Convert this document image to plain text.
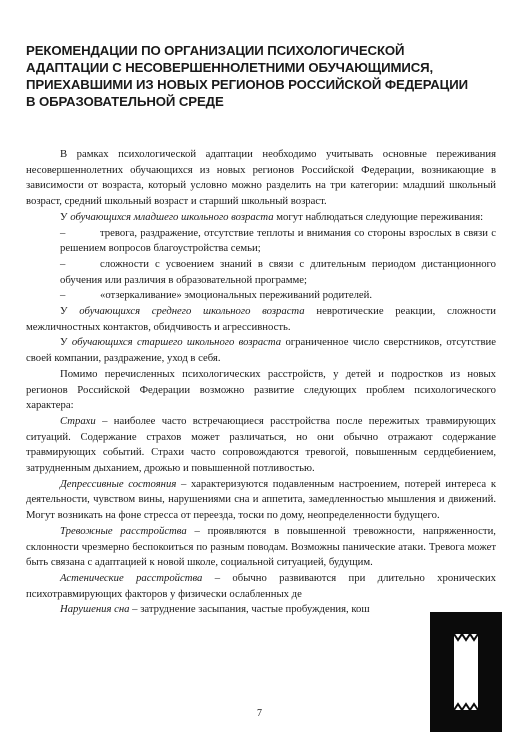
РЕКОМЕНДАЦИИ ПО ОРГАНИЗАЦИИ ПСИХОЛОГИЧЕСКОЙ
АДАПТАЦИИ С НЕСОВЕРШЕННОЛЕТНИМИ ОБУЧАЮЩИМИСЯ,
ПРИЕХАВШИМИ ИЗ НОВЫХ РЕГИОНОВ РОССИЙСКОЙ ФЕДЕРАЦИИ
В ОБРАЗОВАТЕЛЬНОЙ СРЕДЕ

В рамках психологической адаптации необходимо учитывать основные переживания несовершеннолетних обучающихся из новых регионов Российской Федерации, возникающие в зависимости от возраста, который условно можно разделить на три категории: младший школьный возраст, средний школьный возраст и старший школьный возраст.

У обучающихся младшего школьного возраста могут наблюдаться следующие переживания:

–	тревога, раздражение, отсутствие теплоты и внимания со стороны взрослых в связи с решением вопросов благоустройства семьи;

–	сложности с усвоением знаний в связи с длительным периодом дистанционного обучения или различия в образовательной программе;

–	«отзеркаливание» эмоциональных переживаний родителей.

У обучающихся среднего школьного возраста невротические реакции, сложности межличностных контактов, обидчивость и агрессивность.

У обучающихся старшего школьного возраста ограниченное число сверстников, отсутствие своей компании, раздражение, уход в себя.

Помимо перечисленных психологических расстройств, у детей и подростков из новых регионов Российской Федерации возможно развитие следующих проблем психологического характера:

Страхи – наиболее часто встречающиеся расстройства после пережитых травмирующих ситуаций. Содержание страхов может различаться, но они обычно отражают содержание травмирующих событий. Страхи часто сопровождаются тревогой, повышенным сердцебиением, затрудненным дыханием, дрожью и повышенной потливостью.

Депрессивные состояния – характеризуются подавленным настроением, потерей интереса к деятельности, чувством вины, нарушениями сна и аппетита, замедленностью мышления и движений. Могут возникать на фоне стресса от переезда, тоски по дому, неопределенности будущего.

Тревожные расстройства – проявляются в повышенной тревожности, напряженности, склонности чрезмерно беспокоиться по разным поводам. Возможны панические атаки. Тревога может быть связана с адаптацией к новой школе, социальной ситуацией, будущим.

Астенические расстройства – обычно развиваются при длительно хронических психотравмирующих факторов у физически ослабленных де

Нарушения сна – затруднение засыпания, частые пробуждения, кош

7
